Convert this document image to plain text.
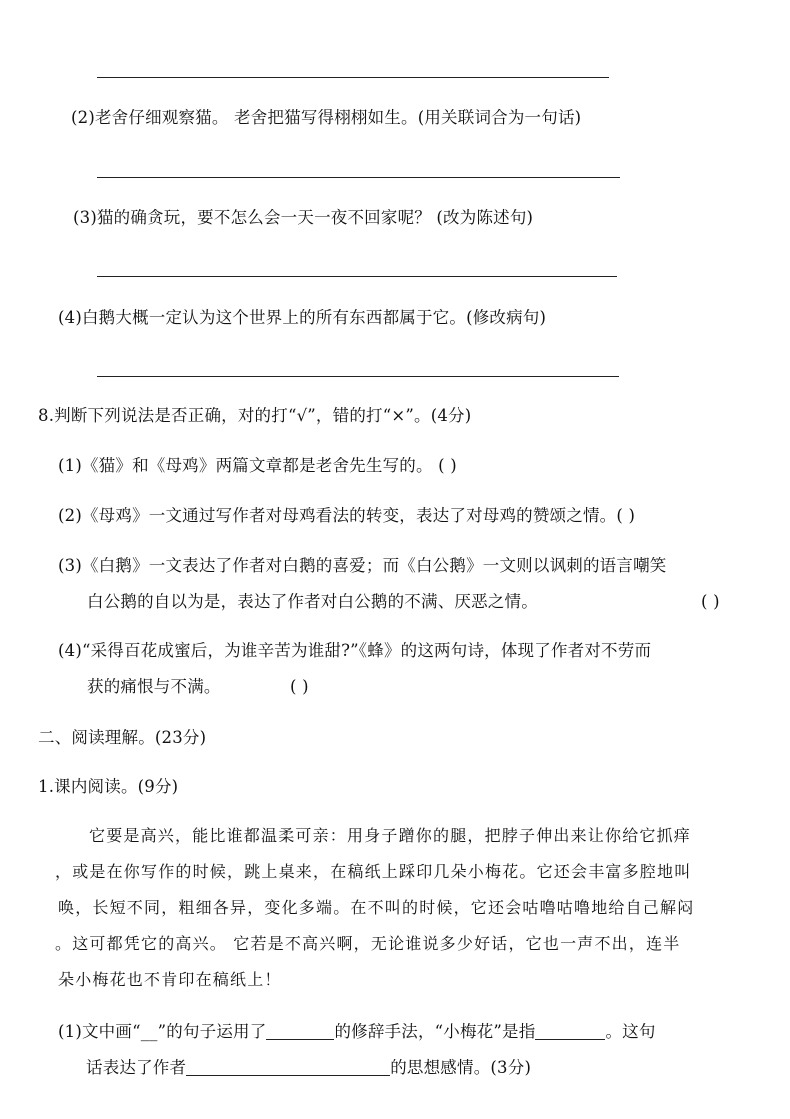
(2)老舍仔细观察猫。 老舍把猫写得栩栩如生。(用关联词合为一句话)
(3)猫的确贪玩，要不怎么会一天一夜不回家呢？ (改为陈述句)
(4)白鹅大概一定认为这个世界上的所有东西都属于它。(修改病句)
8.判断下列说法是否正确，对的打“√”，错的打“×”。(4分)
(1)《猫》和《母鸡》两篇文章都是老舍先生写的。 ( )
(2)《母鸡》一文通过写作者对母鸡看法的转变，表达了对母鸡的赞颂之情。( )
(3)《白鹅》一文表达了作者对白鹅的喜爱；而《白公鹅》一文则以讽刺的语言嘲笑
白公鹅的自以为是，表达了作者对白公鹅的不满、厌恶之情。	( )
(4)“采得百花成蜜后，为谁辛苦为谁甜?”《蜂》的这两句诗，体现了作者对不劳而
获的痛恨与不满。	( )
二、阅读理解。(23分)
1.课内阅读。(9分)
它要是高兴，能比谁都温柔可亲：用身子蹭你的腿，把脖子伸出来让你给它抓痒
，或是在你写作的时候，跳上桌来，在稿纸上踩印几朵小梅花。它还会丰富多腔地叫
唤，长短不同，粗细各异，变化多端。在不叫的时候，它还会咕噜咕噜地给自己解闷
。这可都凭它的高兴。 它若是不高兴啊，无论谁说多少好话，它也一声不出，连半
朵小梅花也不肯印在稿纸上！
(1)文中画“__”的句子运用了	的修辞手法，“小梅花”是指	。这句
话表达了作者	的思想感情。(3分)
